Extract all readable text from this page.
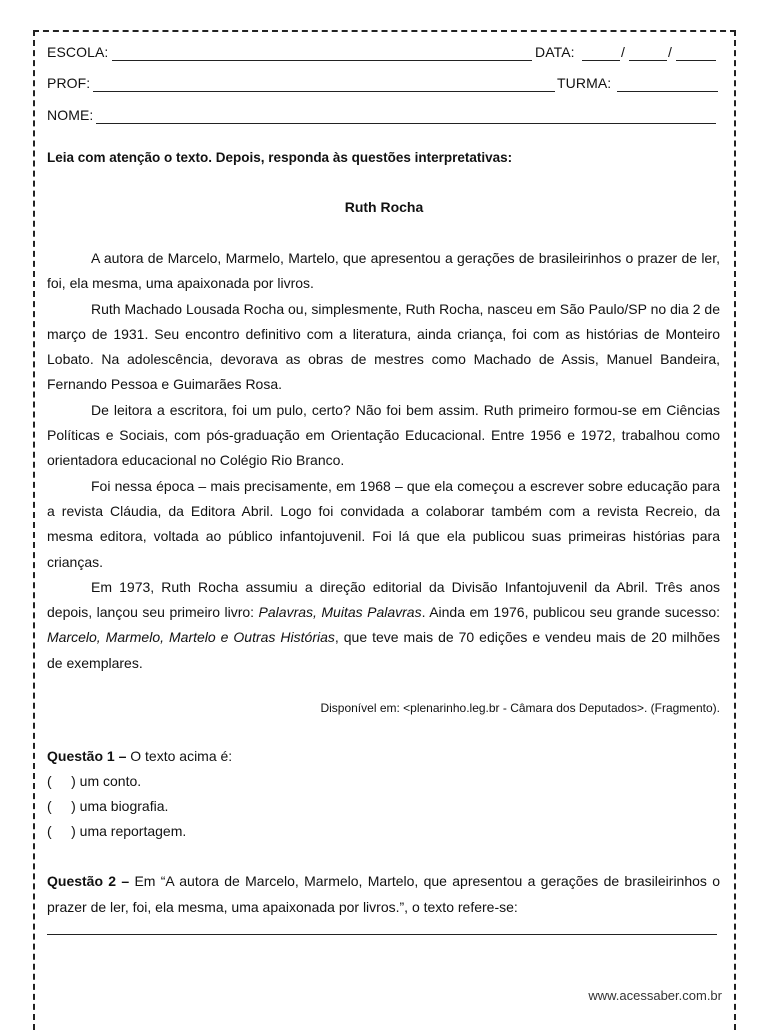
ESCOLA:	DATA:	/	/
PROF:	TURMA:
NOME:
Leia com atenção o texto. Depois, responda às questões interpretativas:
Ruth Rocha

A autora de Marcelo, Marmelo, Martelo, que apresentou a gerações de brasileirinhos o prazer de ler, foi, ela mesma, uma apaixonada por livros.

Ruth Machado Lousada Rocha ou, simplesmente, Ruth Rocha, nasceu em São Paulo/SP no dia 2 de março de 1931. Seu encontro definitivo com a literatura, ainda criança, foi com as histórias de Monteiro Lobato. Na adolescência, devorava as obras de mestres como Machado de Assis, Manuel Bandeira, Fernando Pessoa e Guimarães Rosa.

De leitora a escritora, foi um pulo, certo? Não foi bem assim. Ruth primeiro formou-se em Ciências Políticas e Sociais, com pós-graduação em Orientação Educacional. Entre 1956 e 1972, trabalhou como orientadora educacional no Colégio Rio Branco.

Foi nessa época – mais precisamente, em 1968 – que ela começou a escrever sobre educação para a revista Cláudia, da Editora Abril. Logo foi convidada a colaborar também com a revista Recreio, da mesma editora, voltada ao público infantojuvenil. Foi lá que ela publicou suas primeiras histórias para crianças.

Em 1973, Ruth Rocha assumiu a direção editorial da Divisão Infantojuvenil da Abril. Três anos depois, lançou seu primeiro livro: Palavras, Muitas Palavras. Ainda em 1976, publicou seu grande sucesso: Marcelo, Marmelo, Martelo e Outras Histórias, que teve mais de 70 edições e vendeu mais de 20 milhões de exemplares.

Disponível em: <plenarinho.leg.br - Câmara dos Deputados>. (Fragmento).
Questão 1 – O texto acima é:
(     ) um conto.
(     ) uma biografia.
(     ) uma reportagem.
Questão 2 – Em “A autora de Marcelo, Marmelo, Martelo, que apresentou a gerações de brasileirinhos o prazer de ler, foi, ela mesma, uma apaixonada por livros.”, o texto refere-se:
www.acessaber.com.br
